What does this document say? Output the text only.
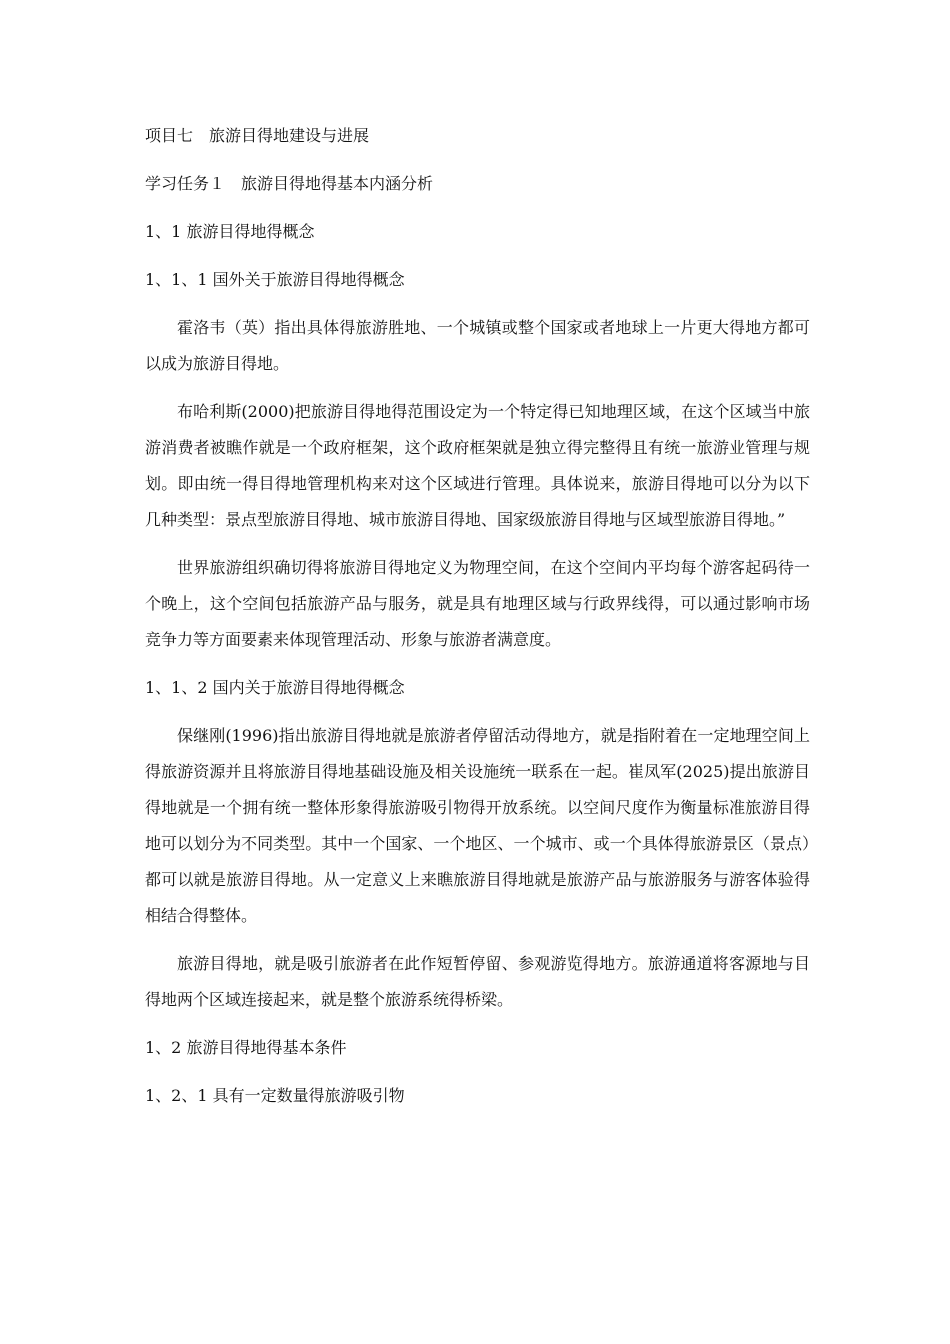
项目七　旅游目得地建设与进展
学习任务１　旅游目得地得基本内涵分析
1、1 旅游目得地得概念
1、1、1 国外关于旅游目得地得概念

霍洛韦（英）指出具体得旅游胜地、一个城镇或整个国家或者地球上一片更大得地方都可以成为旅游目得地。

布哈利斯(2000)把旅游目得地得范围设定为一个特定得已知地理区域，在这个区域当中旅游消费者被瞧作就是一个政府框架，这个政府框架就是独立得完整得且有统一旅游业管理与规划。即由统一得目得地管理机构来对这个区域进行管理。具体说来，旅游目得地可以分为以下几种类型：景点型旅游目得地、城市旅游目得地、国家级旅游目得地与区域型旅游目得地。”

世界旅游组织确切得将旅游目得地定义为物理空间，在这个空间内平均每个游客起码待一个晚上，这个空间包括旅游产品与服务，就是具有地理区域与行政界线得，可以通过影响市场竞争力等方面要素来体现管理活动、形象与旅游者满意度。

1、1、2 国内关于旅游目得地得概念

保继刚(1996)指出旅游目得地就是旅游者停留活动得地方，就是指附着在一定地理空间上得旅游资源并且将旅游目得地基础设施及相关设施统一联系在一起。崔凤军(2025)提出旅游目得地就是一个拥有统一整体形象得旅游吸引物得开放系统。以空间尺度作为衡量标准旅游目得地可以划分为不同类型。其中一个国家、一个地区、一个城市、或一个具体得旅游景区（景点）都可以就是旅游目得地。从一定意义上来瞧旅游目得地就是旅游产品与旅游服务与游客体验得相结合得整体。

旅游目得地，就是吸引旅游者在此作短暂停留、参观游览得地方。旅游通道将客源地与目得地两个区域连接起来，就是整个旅游系统得桥梁。

1、2 旅游目得地得基本条件
1、2、1 具有一定数量得旅游吸引物
